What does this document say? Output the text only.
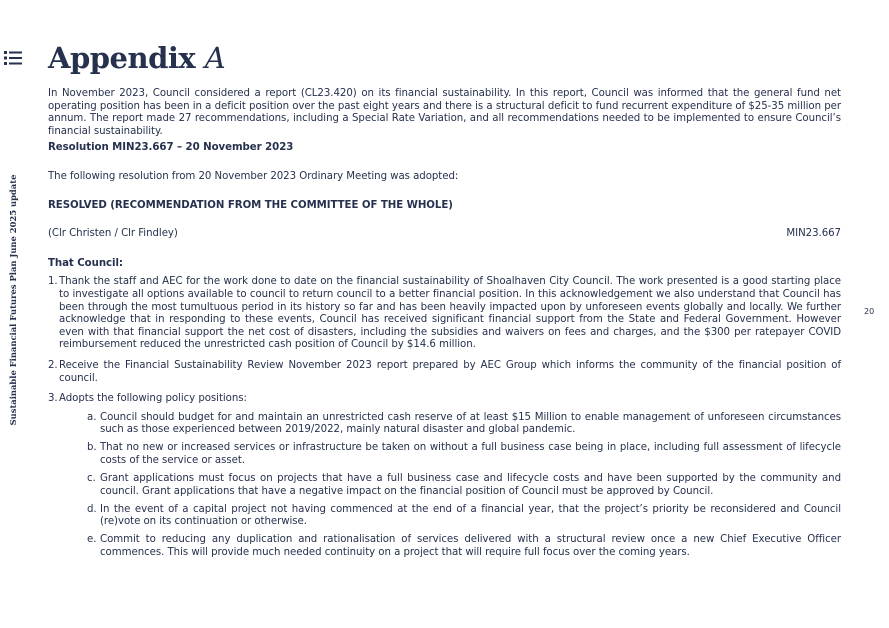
Sustainable Financial Futures Plan June 2025 update	20
Appendix A

In November 2023, Council considered a report (CL23.420) on its financial sustainability. In this report, Council was informed that the general fund net operating position has been in a deficit position over the past eight years and there is a structural deficit to fund recurrent expenditure of $25-35 million per annum. The report made 27 recommendations, including a Special Rate Variation, and all recommendations needed to be implemented to ensure Council’s financial sustainability.

Resolution MIN23.667 – 20 November 2023

The following resolution from 20 November 2023 Ordinary Meeting was adopted:

RESOLVED (RECOMMENDATION FROM THE COMMITTEE OF THE WHOLE)

(Clr Christen / Clr Findley)	MIN23.667

That Council:

1. Thank the staff and AEC for the work done to date on the financial sustainability of Shoalhaven City Council. The work presented is a good starting place to investigate all options available to council to return council to a better financial position. In this acknowledgement we also understand that Council has been through the most tumultuous period in its history so far and has been heavily impacted upon by unforeseen events globally and locally. We further acknowledge that in responding to these events, Council has received significant financial support from the State and Federal Government. However even with that financial support the net cost of disasters, including the subsidies and waivers on fees and charges, and the $300 per ratepayer COVID reimbursement reduced the unrestricted cash position of Council by $14.6 million.
2. Receive the Financial Sustainability Review November 2023 report prepared by AEC Group which informs the community of the financial position of council.
3. Adopts the following policy positions:
a. Council should budget for and maintain an unrestricted cash reserve of at least $15 Million to enable management of unforeseen circumstances such as those experienced between 2019/2022, mainly natural disaster and global pandemic.
b. That no new or increased services or infrastructure be taken on without a full business case being in place, including full assessment of lifecycle costs of the service or asset.
c. Grant applications must focus on projects that have a full business case and lifecycle costs and have been supported by the community and council. Grant applications that have a negative impact on the financial position of Council must be approved by Council.
d. In the event of a capital project not having commenced at the end of a financial year, that the project’s priority be reconsidered and Council (re)vote on its continuation or otherwise.
e. Commit to reducing any duplication and rationalisation of services delivered with a structural review once a new Chief Executive Officer commences. This will provide much needed continuity on a project that will require full focus over the coming years.
